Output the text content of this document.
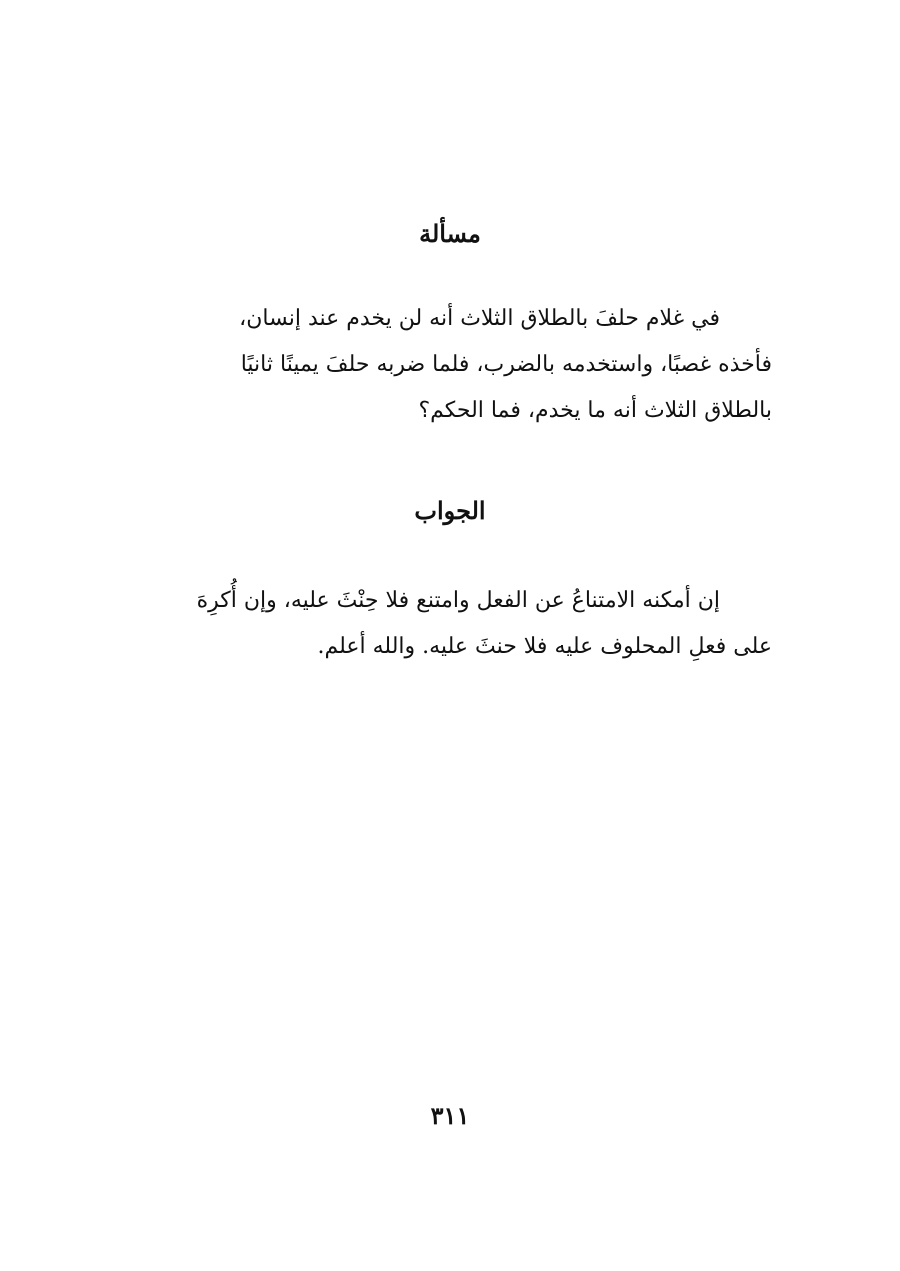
مسألة
في غلام حلفَ بالطلاق الثلاث أنه لن يخدم عند إنسان،
فأخذه غصبًا، واستخدمه بالضرب، فلما ضربه حلفَ يمينًا ثانيًا
بالطلاق الثلاث أنه ما يخدم، فما الحكم؟
الجواب
إن أمكنه الامتناعُ عن الفعل وامتنع فلا حِنْثَ عليه، وإن أُكرِهَ
على فعلِ المحلوف عليه فلا حنثَ عليه. والله أعلم.
٣١١
